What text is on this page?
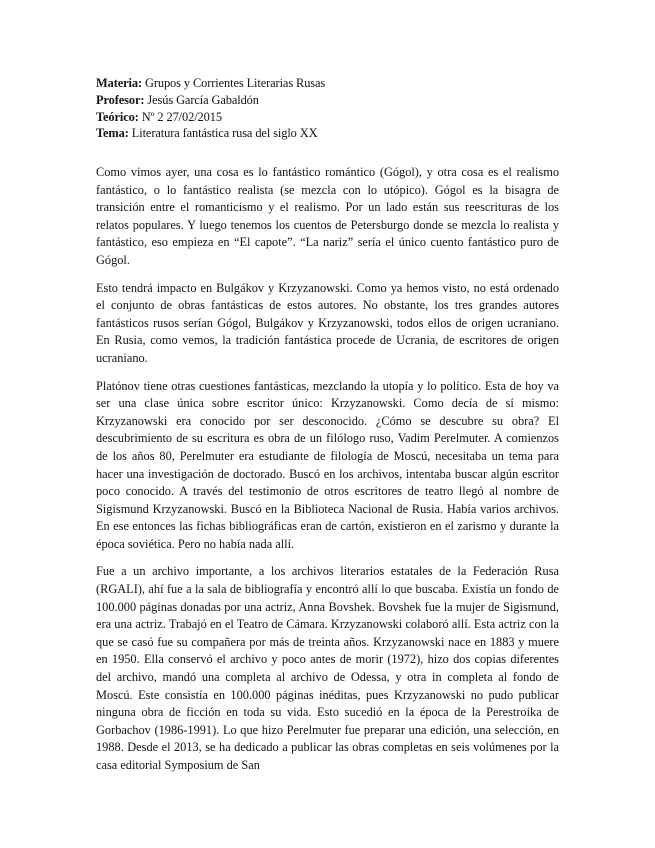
Materia: Grupos y Corrientes Literarias Rusas
Profesor: Jesús García Gabaldón
Teórico: Nº 2 27/02/2015
Tema: Literatura fantástica rusa del siglo XX

Como vimos ayer, una cosa es lo fantástico romántico (Gógol), y otra cosa es el realismo fantástico, o lo fantástico realista (se mezcla con lo utópico). Gógol es la bisagra de transición entre el romanticismo y el realismo. Por un lado están sus reescrituras de los relatos populares. Y luego tenemos los cuentos de Petersburgo donde se mezcla lo realista y fantástico, eso empieza en “El capote”. “La nariz” sería el único cuento fantástico puro de Gógol.

Esto tendrá impacto en Bulgákov y Krzyzanowski. Como ya hemos visto, no está ordenado el conjunto de obras fantásticas de estos autores. No obstante, los tres grandes autores fantásticos rusos serían Gógol, Bulgákov y Krzyzanowski, todos ellos de origen ucraniano. En Rusia, como vemos, la tradición fantástica procede de Ucrania, de escritores de origen ucraniano.

Platónov tiene otras cuestiones fantásticas, mezclando la utopía y lo político. Esta de hoy va ser una clase única sobre escritor único: Krzyzanowski. Como decía de sí mismo: Krzyzanowski era conocido por ser desconocido. ¿Cómo se descubre su obra? El descubrimiento de su escritura es obra de un filólogo ruso, Vadim Perelmuter. A comienzos de los años 80, Perelmuter era estudiante de filología de Moscú, necesitaba un tema para hacer una investigación de doctorado. Buscó en los archivos, intentaba buscar algún escritor poco conocido. A través del testimonio de otros escritores de teatro llegó al nombre de Sigismund Krzyzanowski. Buscó en la Biblioteca Nacional de Rusia. Había varios archivos. En ese entonces las fichas bibliográficas eran de cartón, existieron en el zarismo y durante la época soviética. Pero no había nada allí.

Fue a un archivo importante, a los archivos literarios estatales de la Federación Rusa (RGALI), ahí fue a la sala de bibliografía y encontró allí lo que buscaba. Existía un fondo de 100.000 páginas donadas por una actriz, Anna Bovshek. Bovshek fue la mujer de Sigismund, era una actriz. Trabajó en el Teatro de Cámara. Krzyzanowski colaboró allí. Esta actriz con la que se casó fue su compañera por más de treinta años. Krzyzanowski nace en 1883 y muere en 1950. Ella conservó el archivo y poco antes de morir (1972), hizo dos copias diferentes del archivo, mandó una completa al archivo de Odessa, y otra in completa al fondo de Moscú. Este consistía en 100.000 páginas inéditas, pues Krzyzanowski no pudo publicar ninguna obra de ficción en toda su vida. Esto sucedió en la época de la Perestroika de Gorbachov (1986-1991). Lo que hizo Perelmuter fue preparar una edición, una selección, en 1988. Desde el 2013, se ha dedicado a publicar las obras completas en seis volúmenes por la casa editorial Symposium de San
